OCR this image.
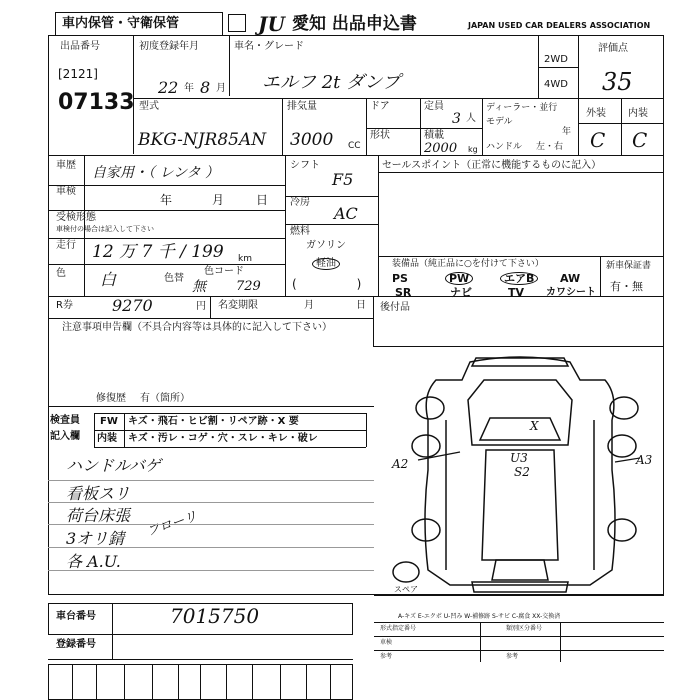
車内保管・守衛保管	JU 愛知 出品申込書	JAPAN USED CAR DEALERS ASSOCIATION
出品番号
[2121]
07133
初度登録年月
22 年 8 月
車名・グレード
エルフ 2t ダンプ
2WD
4WD
評価点
35
外装 内装
C C
型式
BKG-NJR85AN
排気量
3000 CC
ドア
形状
定員
3 人
積載
2000 kg
ディーラー・並行
モデル
年
ハンドル 左・右
車歴 自家用・（ レンタ ）
車検
年	月	日
受検形態
車検付の場合は記入して下さい
走行 12 万 7 千 / 199 km
色 白	色替
無
色コード
729
シフト
F5
冷房
AC
燃料
ガソリン
軽油
(　　　　　)
セールスポイント（正常に機能するものに記入）
装備品（純正品に○を付けて下さい）
PS	PW	エアB	AW
SR	ナビ	TV カワシート
新車保証書
有・無
R券 9270	円 名変期限	月	日 後付品
注意事項申告欄（不具合内容等は具体的に記入して下さい）
修復歴 有（箇所）
検査員
記入欄
FW キズ・飛石・ヒビ割・リペア跡・X 要
内装 キズ・汚レ・コゲ・穴・スレ・キレ・破レ
ハンドルバゲ
看板スリ
荷台床張
3オリ錆
各 A.U.
フローリ
A-キズ E-エクボ U-凹み W-補修跡 S-サビ C-腐食 XX-交換済
車台番号	7015750
登録番号
形式指定番号	類別区分番号
車検
参考	参考
A2	A3
U3
S2
X
スペア
